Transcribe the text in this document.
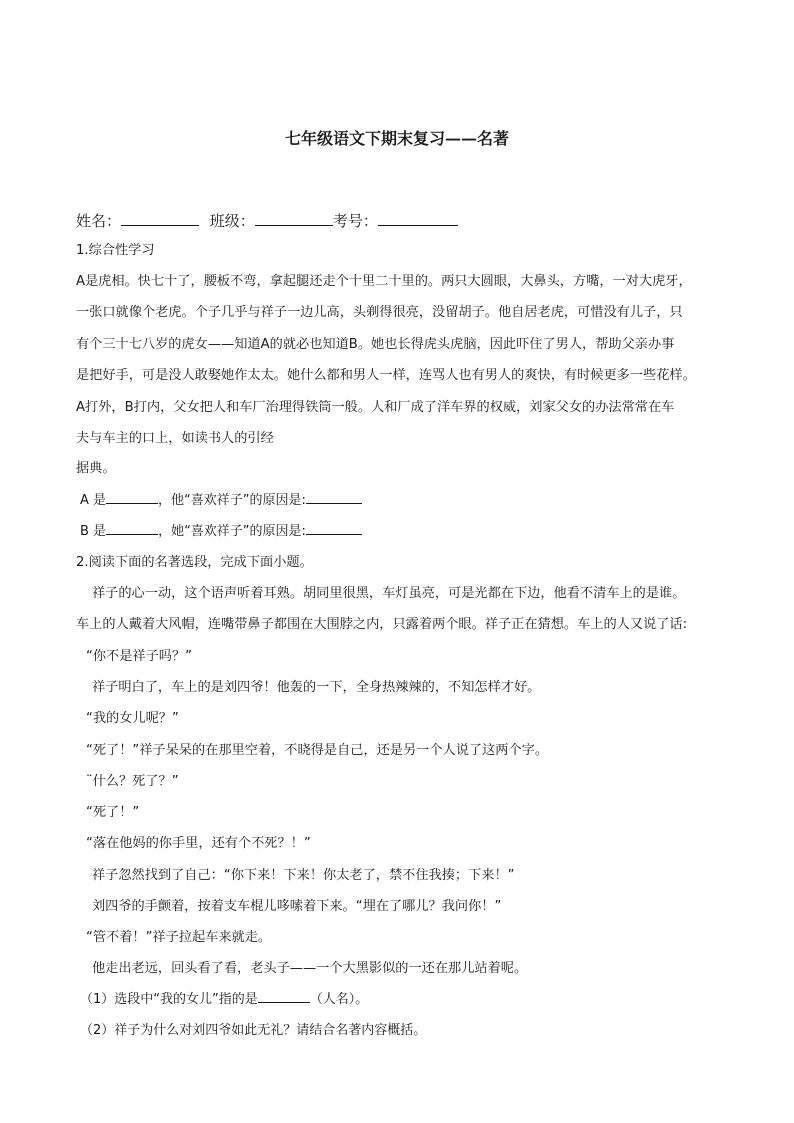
七年级语文下期末复习——名著
姓名：	班级：	考号：
1.综合性学习
A是虎相。快七十了，腰板不弯，拿起腿还走个十里二十里的。两只大圆眼，大鼻头，方嘴，一对大虎牙，
一张口就像个老虎。个子几乎与祥子一边儿高，头剃得很亮，没留胡子。他自居老虎，可惜没有儿子，只
有个三十七八岁的虎女——知道A的就必也知道B。她也长得虎头虎脑，因此吓住了男人，帮助父亲办事
是把好手，可是没人敢娶她作太太。她什么都和男人一样，连骂人也有男人的爽快，有时候更多一些花样。
A打外，B打内，父女把人和车厂治理得铁筒一般。人和厂成了洋车界的权威，刘家父女的办法常常在车
夫与车主的口上，如读书人的引经
据典。
A 是	，他“喜欢祥子”的原因是:
B 是	，她“喜欢祥子”的原因是:
2.阅读下面的名著选段，完成下面小题。
祥子的心一动，这个语声听着耳熟。胡同里很黑，车灯虽亮，可是光都在下边，他看不清车上的是谁。
车上的人戴着大风帽，连嘴带鼻子都围在大围脖之内，只露着两个眼。祥子正在猜想。车上的人又说了话:
“你不是祥子吗？”
祥子明白了，车上的是刘四爷！他轰的一下，全身热辣辣的，不知怎样才好。
“我的女儿呢？”
“死了！”祥子呆呆的在那里空着，不晓得是自己，还是另一个人说了这两个字。
¨什么？死了？”
“死了！”
“落在他妈的你手里，还有个不死？！”
祥子忽然找到了自己：“你下来！下来！你太老了，禁不住我揍；下来！”
刘四爷的手颤着，按着支车棍儿哆嗦着下来。“埋在了哪儿？我问你！”
“管不着！”祥子拉起车来就走。
他走出老远，回头看了看，老头子——一个大黑影似的一还在那儿站着呢。
（1）选段中“我的女儿”指的是	（人名）。
（2）祥子为什么对刘四爷如此无礼？请结合名著内容概括。
